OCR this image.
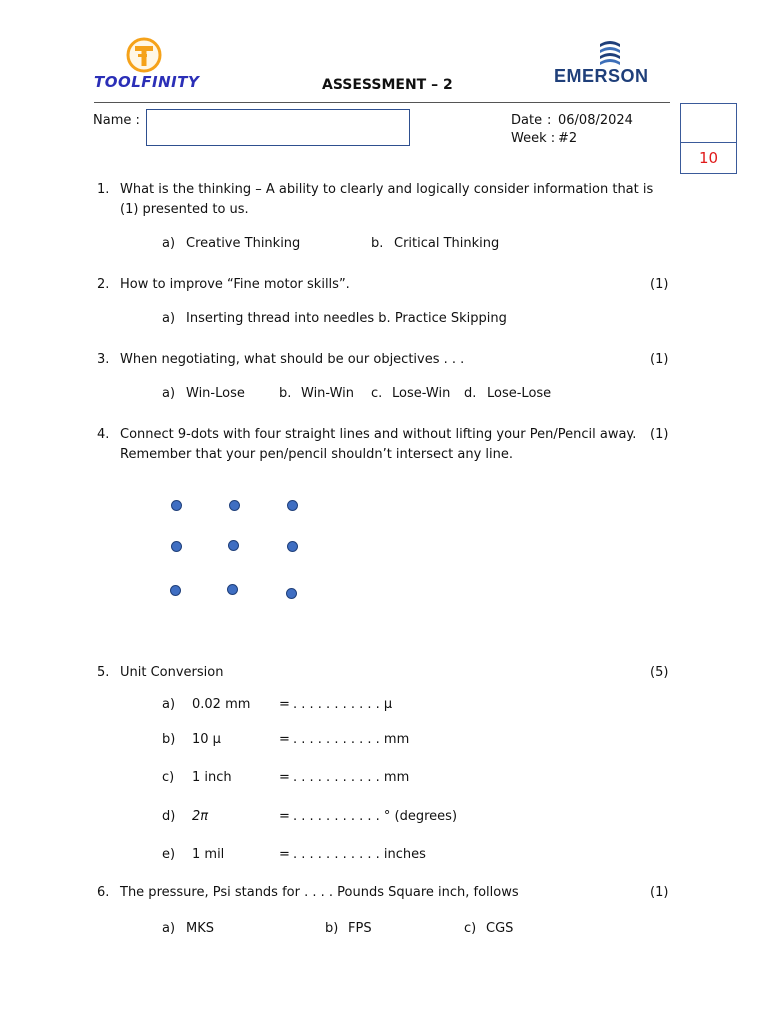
TOOLFINITY	ASSESSMENT – 2	EMERSON
Name :	Date : 06/08/2024
Week : #2
10
1. What is the thinking – A ability to clearly and logically consider information that is
(1) presented to us.
a) Creative Thinking	b. Critical Thinking
2. How to improve “Fine motor skills”.	(1)
a) Inserting thread into needles b. Practice Skipping
3. When negotiating, what should be our objectives . . .	(1)
a) Win-Lose	b. Win-Win c. Lose-Win d. Lose-Lose
4. Connect 9-dots with four straight lines and without lifting your Pen/Pencil away. (1)
Remember that your pen/pencil shouldn’t intersect any line.
5. Unit Conversion	(5)
a) 0.02 mm = . . . . . . . . . . . μ
b) 10 μ	= . . . . . . . . . . . mm
c) 1 inch	= . . . . . . . . . . . mm
d) 2π	= . . . . . . . . . . . ° (degrees)
e) 1 mil	= . . . . . . . . . . . inches
6. The pressure, Psi stands for . . . . Pounds Square inch, follows	(1)
a) MKS	b) FPS	c) CGS
